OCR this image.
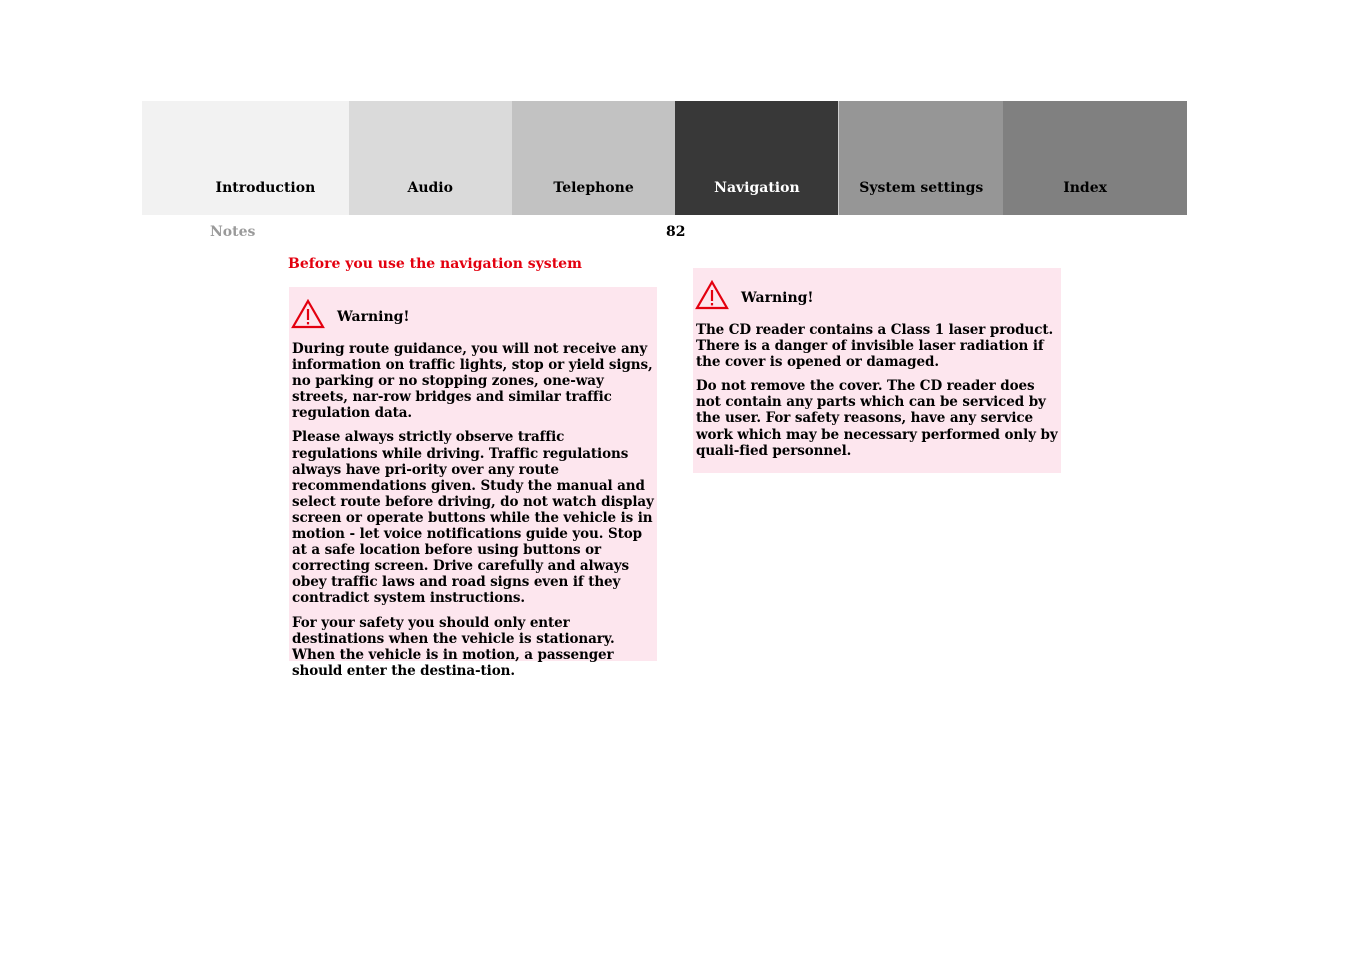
Introduction	Audio	Telephone	Navigation	System settings	Index
Notes	82
Before you use the navigation system
Warning!

During route guidance, you will not receive any information on traffic lights, stop or yield signs, no parking or no stopping zones, one-way streets, nar-row bridges and similar traffic regulation data.

Please always strictly observe traffic regulations while driving. Traffic regulations always have pri-ority over any route recommendations given. Study the manual and select route before driving, do not watch display screen or operate buttons while the vehicle is in motion - let voice notifications guide you. Stop at a safe location before using buttons or correcting screen. Drive carefully and always obey traffic laws and road signs even if they contradict system instructions.

For your safety you should only enter destinations when the vehicle is stationary. When the vehicle is in motion, a passenger should enter the destina-tion.

Warning!

The CD reader contains a Class 1 laser product. There is a danger of invisible laser radiation if the cover is opened or damaged.

Do not remove the cover. The CD reader does not contain any parts which can be serviced by the user. For safety reasons, have any service work which may be necessary performed only by quali-fied personnel.
